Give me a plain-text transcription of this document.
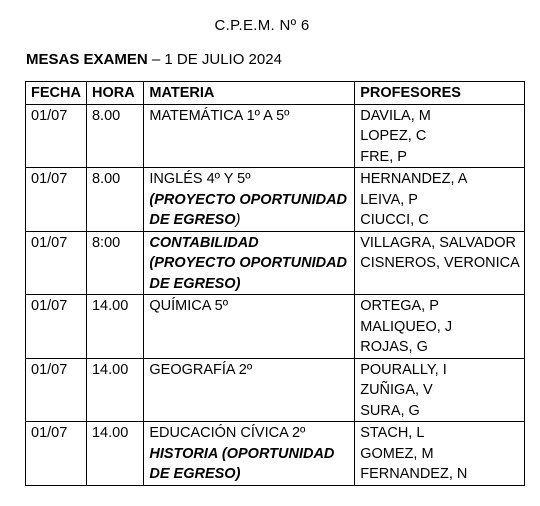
C.P.E.M. Nº 6
MESAS EXAMEN – 1 DE JULIO 2024
FECHA	HORA	MATERIA	PROFESORES
01/07	8.00	MATEMÁTICA 1º A 5º	DAVILA, M
LOPEZ, C
FRE, P

01/07	8.00	INGLÉS 4º Y 5º
(PROYECTO OPORTUNIDAD
DE EGRESO)	HERNANDEZ, A
LEIVA, P
CIUCCI, C

01/07	8:00	CONTABILIDAD
(PROYECTO OPORTUNIDAD
DE EGRESO)	VILLAGRA, SALVADOR
CISNEROS, VERONICA

01/07	14.00	QUÍMICA 5º	ORTEGA, P
MALIQUEO, J
ROJAS, G

01/07	14.00	GEOGRAFÍA 2º	POURALLY, I
ZUÑIGA, V
SURA, G

01/07	14.00	EDUCACIÓN CÍVICA 2º
HISTORIA (OPORTUNIDAD
DE EGRESO)	STACH, L
GOMEZ, M
FERNANDEZ, N
